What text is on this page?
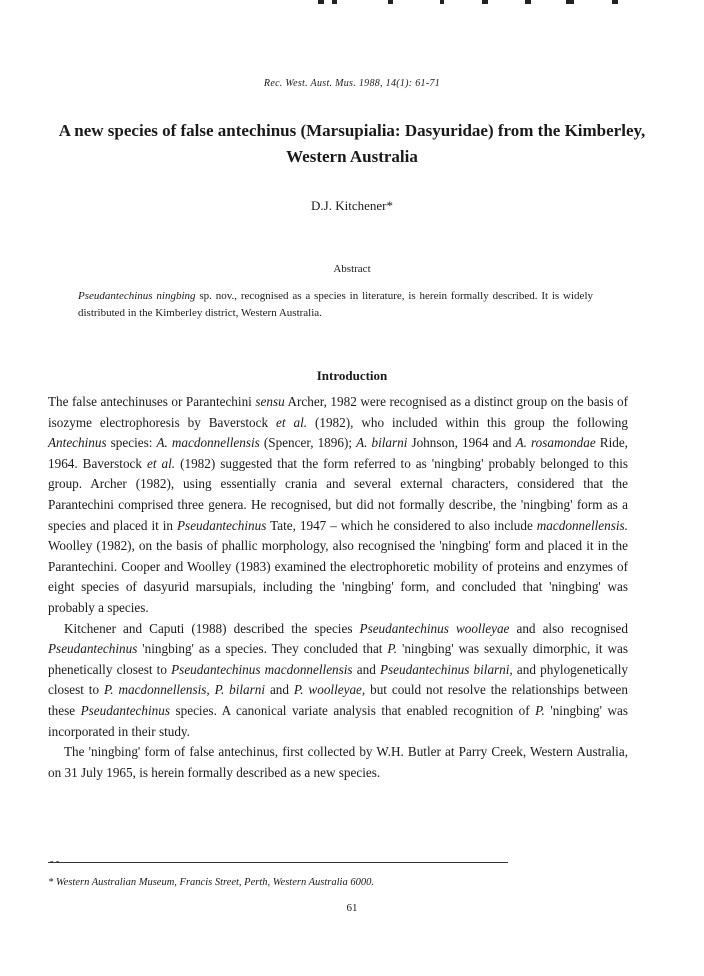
Rec. West. Aust. Mus. 1988, 14(1): 61-71
A new species of false antechinus (Marsupialia: Dasyuridae) from the Kimberley, Western Australia
D.J. Kitchener*
Abstract

Pseudantechinus ningbing sp. nov., recognised as a species in literature, is herein formally described. It is widely distributed in the Kimberley district, Western Australia.

Introduction

The false antechinuses or Parantechini sensu Archer, 1982 were recognised as a distinct group on the basis of isozyme electrophoresis by Baverstock et al. (1982), who included within this group the following Antechinus species: A. macdonnellensis (Spencer, 1896); A. bilarni Johnson, 1964 and A. rosamondae Ride, 1964. Baverstock et al. (1982) suggested that the form referred to as 'ningbing' probably belonged to this group. Archer (1982), using essentially crania and several external characters, considered that the Parantechini comprised three genera. He recognised, but did not formally describe, the 'ningbing' form as a species and placed it in Pseudantechinus Tate, 1947 – which he considered to also include macdonnellensis. Woolley (1982), on the basis of phallic morphology, also recognised the 'ningbing' form and placed it in the Parantechini. Cooper and Woolley (1983) examined the electrophoretic mobility of proteins and enzymes of eight species of dasyurid marsupials, including the 'ningbing' form, and concluded that 'ningbing' was probably a species.

Kitchener and Caputi (1988) described the species Pseudantechinus woolleyae and also recognised Pseudantechinus 'ningbing' as a species. They concluded that P. 'ningbing' was sexually dimorphic, it was phenetically closest to Pseudantechinus macdonnellensis and Pseudantechinus bilarni, and phylogenetically closest to P. macdonnellensis, P. bilarni and P. woolleyae, but could not resolve the relationships between these Pseudantechinus species. A canonical variate analysis that enabled recognition of P. 'ningbing' was incorporated in their study.

The 'ningbing' form of false antechinus, first collected by W.H. Butler at Parry Creek, Western Australia, on 31 July 1965, is herein formally described as a new species.

- -
* Western Australian Museum, Francis Street, Perth, Western Australia 6000.
61
